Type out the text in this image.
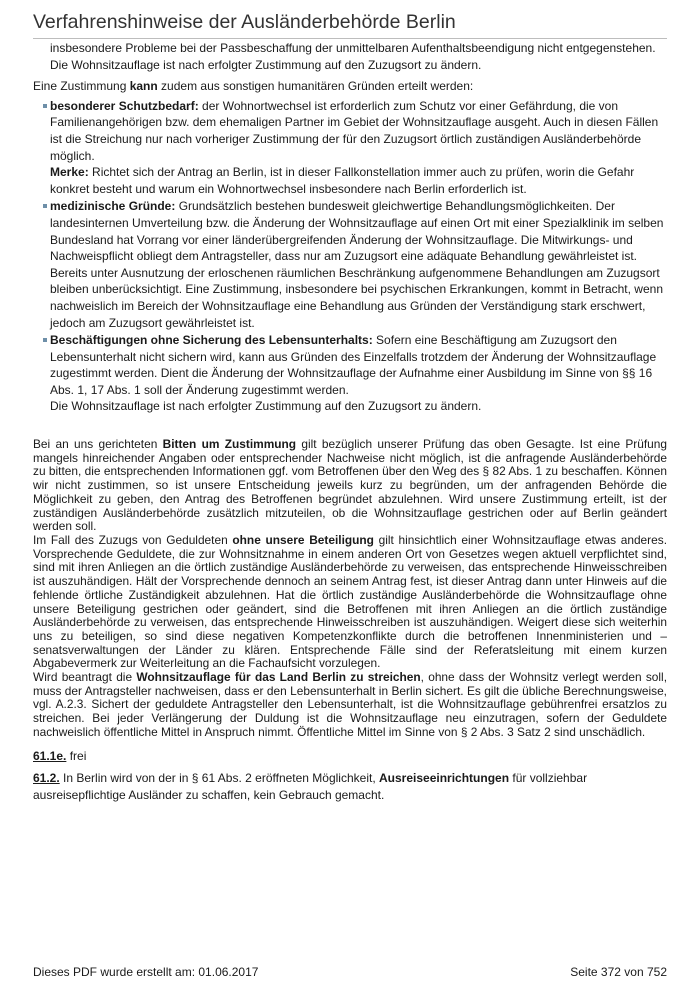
Verfahrenshinweise der Ausländerbehörde Berlin

insbesondere Probleme bei der Passbeschaffung der unmittelbaren Aufenthaltsbeendigung nicht entgegenstehen. Die Wohnsitzauflage ist nach erfolgter Zustimmung auf den Zuzugsort zu ändern.

Eine Zustimmung kann zudem aus sonstigen humanitären Gründen erteilt werden:

besonderer Schutzbedarf: der Wohnortwechsel ist erforderlich zum Schutz vor einer Gefährdung, die von Familienangehörigen bzw. dem ehemaligen Partner im Gebiet der Wohnsitzauflage ausgeht. Auch in diesen Fällen ist die Streichung nur nach vorheriger Zustimmung der für den Zuzugsort örtlich zuständigen Ausländerbehörde möglich.
Merke: Richtet sich der Antrag an Berlin, ist in dieser Fallkonstellation immer auch zu prüfen, worin die Gefahr konkret besteht und warum ein Wohnortwechsel insbesondere nach Berlin erforderlich ist.
medizinische Gründe: Grundsätzlich bestehen bundesweit gleichwertige Behandlungsmöglichkeiten. Der landesinternen Umverteilung bzw. die Änderung der Wohnsitzauflage auf einen Ort mit einer Spezialklinik im selben Bundesland hat Vorrang vor einer länderübergreifenden Änderung der Wohnsitzauflage. Die Mitwirkungs- und Nachweispflicht obliegt dem Antragsteller, dass nur am Zuzugsort eine adäquate Behandlung gewährleistet ist. Bereits unter Ausnutzung der erloschenen räumlichen Beschränkung aufgenommene Behandlungen am Zuzugsort bleiben unberücksichtigt. Eine Zustimmung, insbesondere bei psychischen Erkrankungen, kommt in Betracht, wenn nachweislich im Bereich der Wohnsitzauflage eine Behandlung aus Gründen der Verständigung stark erschwert, jedoch am Zuzugsort gewährleistet ist.
Beschäftigungen ohne Sicherung des Lebensunterhalts: Sofern eine Beschäftigung am Zuzugsort den Lebensunterhalt nicht sichern wird, kann aus Gründen des Einzelfalls trotzdem der Änderung der Wohnsitzauflage zugestimmt werden. Dient die Änderung der Wohnsitzauflage der Aufnahme einer Ausbildung im Sinne von §§ 16 Abs. 1, 17 Abs. 1 soll der Änderung zugestimmt werden.
Die Wohnsitzauflage ist nach erfolgter Zustimmung auf den Zuzugsort zu ändern.

Bei an uns gerichteten Bitten um Zustimmung gilt bezüglich unserer Prüfung das oben Gesagte. Ist eine Prüfung mangels hinreichender Angaben oder entsprechender Nachweise nicht möglich, ist die anfragende Ausländerbehörde zu bitten, die entsprechenden Informationen ggf. vom Betroffenen über den Weg des § 82 Abs. 1 zu beschaffen. Können wir nicht zustimmen, so ist unsere Entscheidung jeweils kurz zu begründen, um der anfragenden Behörde die Möglichkeit zu geben, den Antrag des Betroffenen begründet abzulehnen. Wird unsere Zustimmung erteilt, ist der zuständigen Ausländerbehörde zusätzlich mitzuteilen, ob die Wohnsitzauflage gestrichen oder auf Berlin geändert werden soll.

Im Fall des Zuzugs von Geduldeten ohne unsere Beteiligung gilt hinsichtlich einer Wohnsitzauflage etwas anderes. Vorsprechende Geduldete, die zur Wohnsitznahme in einem anderen Ort von Gesetzes wegen aktuell verpflichtet sind, sind mit ihren Anliegen an die örtlich zuständige Ausländerbehörde zu verweisen, das entsprechende Hinweisschreiben ist auszuhändigen. Hält der Vorsprechende dennoch an seinem Antrag fest, ist dieser Antrag dann unter Hinweis auf die fehlende örtliche Zuständigkeit abzulehnen. Hat die örtlich zuständige Ausländerbehörde die Wohnsitzauflage ohne unsere Beteiligung gestrichen oder geändert, sind die Betroffenen mit ihren Anliegen an die örtlich zuständige Ausländerbehörde zu verweisen, das entsprechende Hinweisschreiben ist auszuhändigen. Weigert diese sich weiterhin uns zu beteiligen, so sind diese negativen Kompetenzkonflikte durch die betroffenen Innenministerien und –senatsverwaltungen der Länder zu klären. Entsprechende Fälle sind der Referatsleitung mit einem kurzen Abgabevermerk zur Weiterleitung an die Fachaufsicht vorzulegen.

Wird beantragt die Wohnsitzauflage für das Land Berlin zu streichen, ohne dass der Wohnsitz verlegt werden soll, muss der Antragsteller nachweisen, dass er den Lebensunterhalt in Berlin sichert. Es gilt die übliche Berechnungsweise, vgl. A.2.3. Sichert der geduldete Antragsteller den Lebensunterhalt, ist die Wohnsitzauflage gebührenfrei ersatzlos zu streichen. Bei jeder Verlängerung der Duldung ist die Wohnsitzauflage neu einzutragen, sofern der Geduldete nachweislich öffentliche Mittel in Anspruch nimmt. Öffentliche Mittel im Sinne von § 2 Abs. 3 Satz 2 sind unschädlich.

61.1e. frei

61.2. In Berlin wird von der in § 61 Abs. 2 eröffneten Möglichkeit, Ausreiseeinrichtungen für vollziehbar ausreisepflichtige Ausländer zu schaffen, kein Gebrauch gemacht.

Dieses PDF wurde erstellt am: 01.06.2017	Seite 372 von 752
